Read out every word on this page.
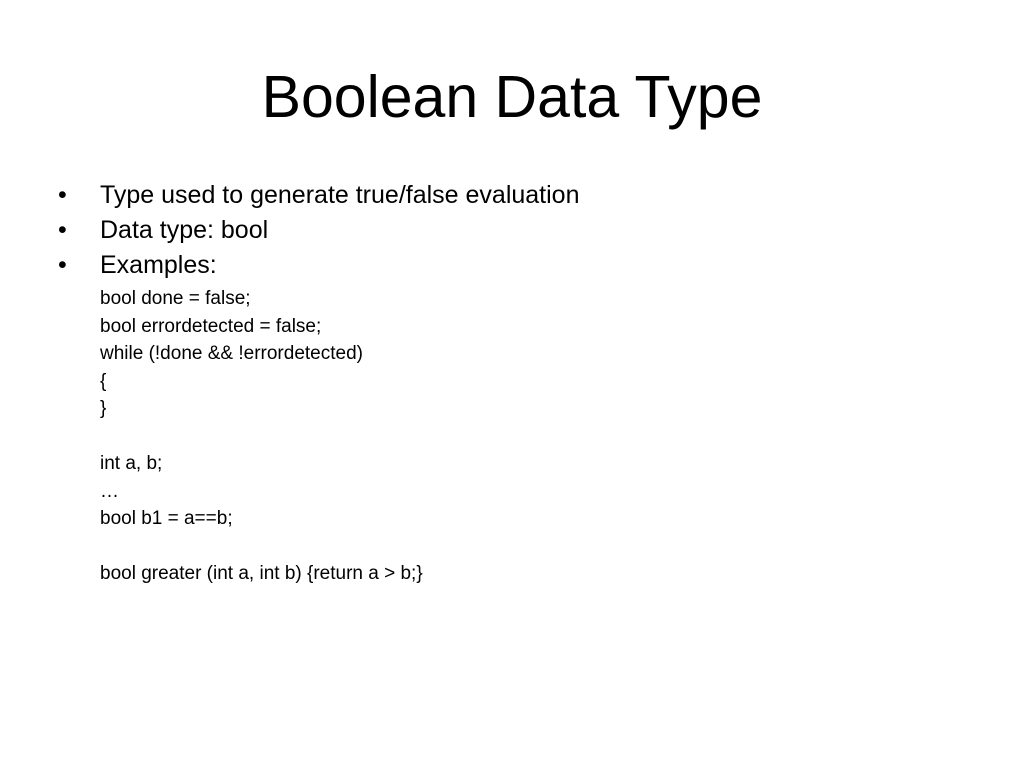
Boolean Data Type
•	Type used to generate true/false evaluation
•	Data type: bool
•	Examples:
bool done = false;
bool errordetected = false;
while (!done && !errordetected)
{
}
int a, b;
…
bool b1 = a==b;
bool greater (int a, int b) {return a > b;}
